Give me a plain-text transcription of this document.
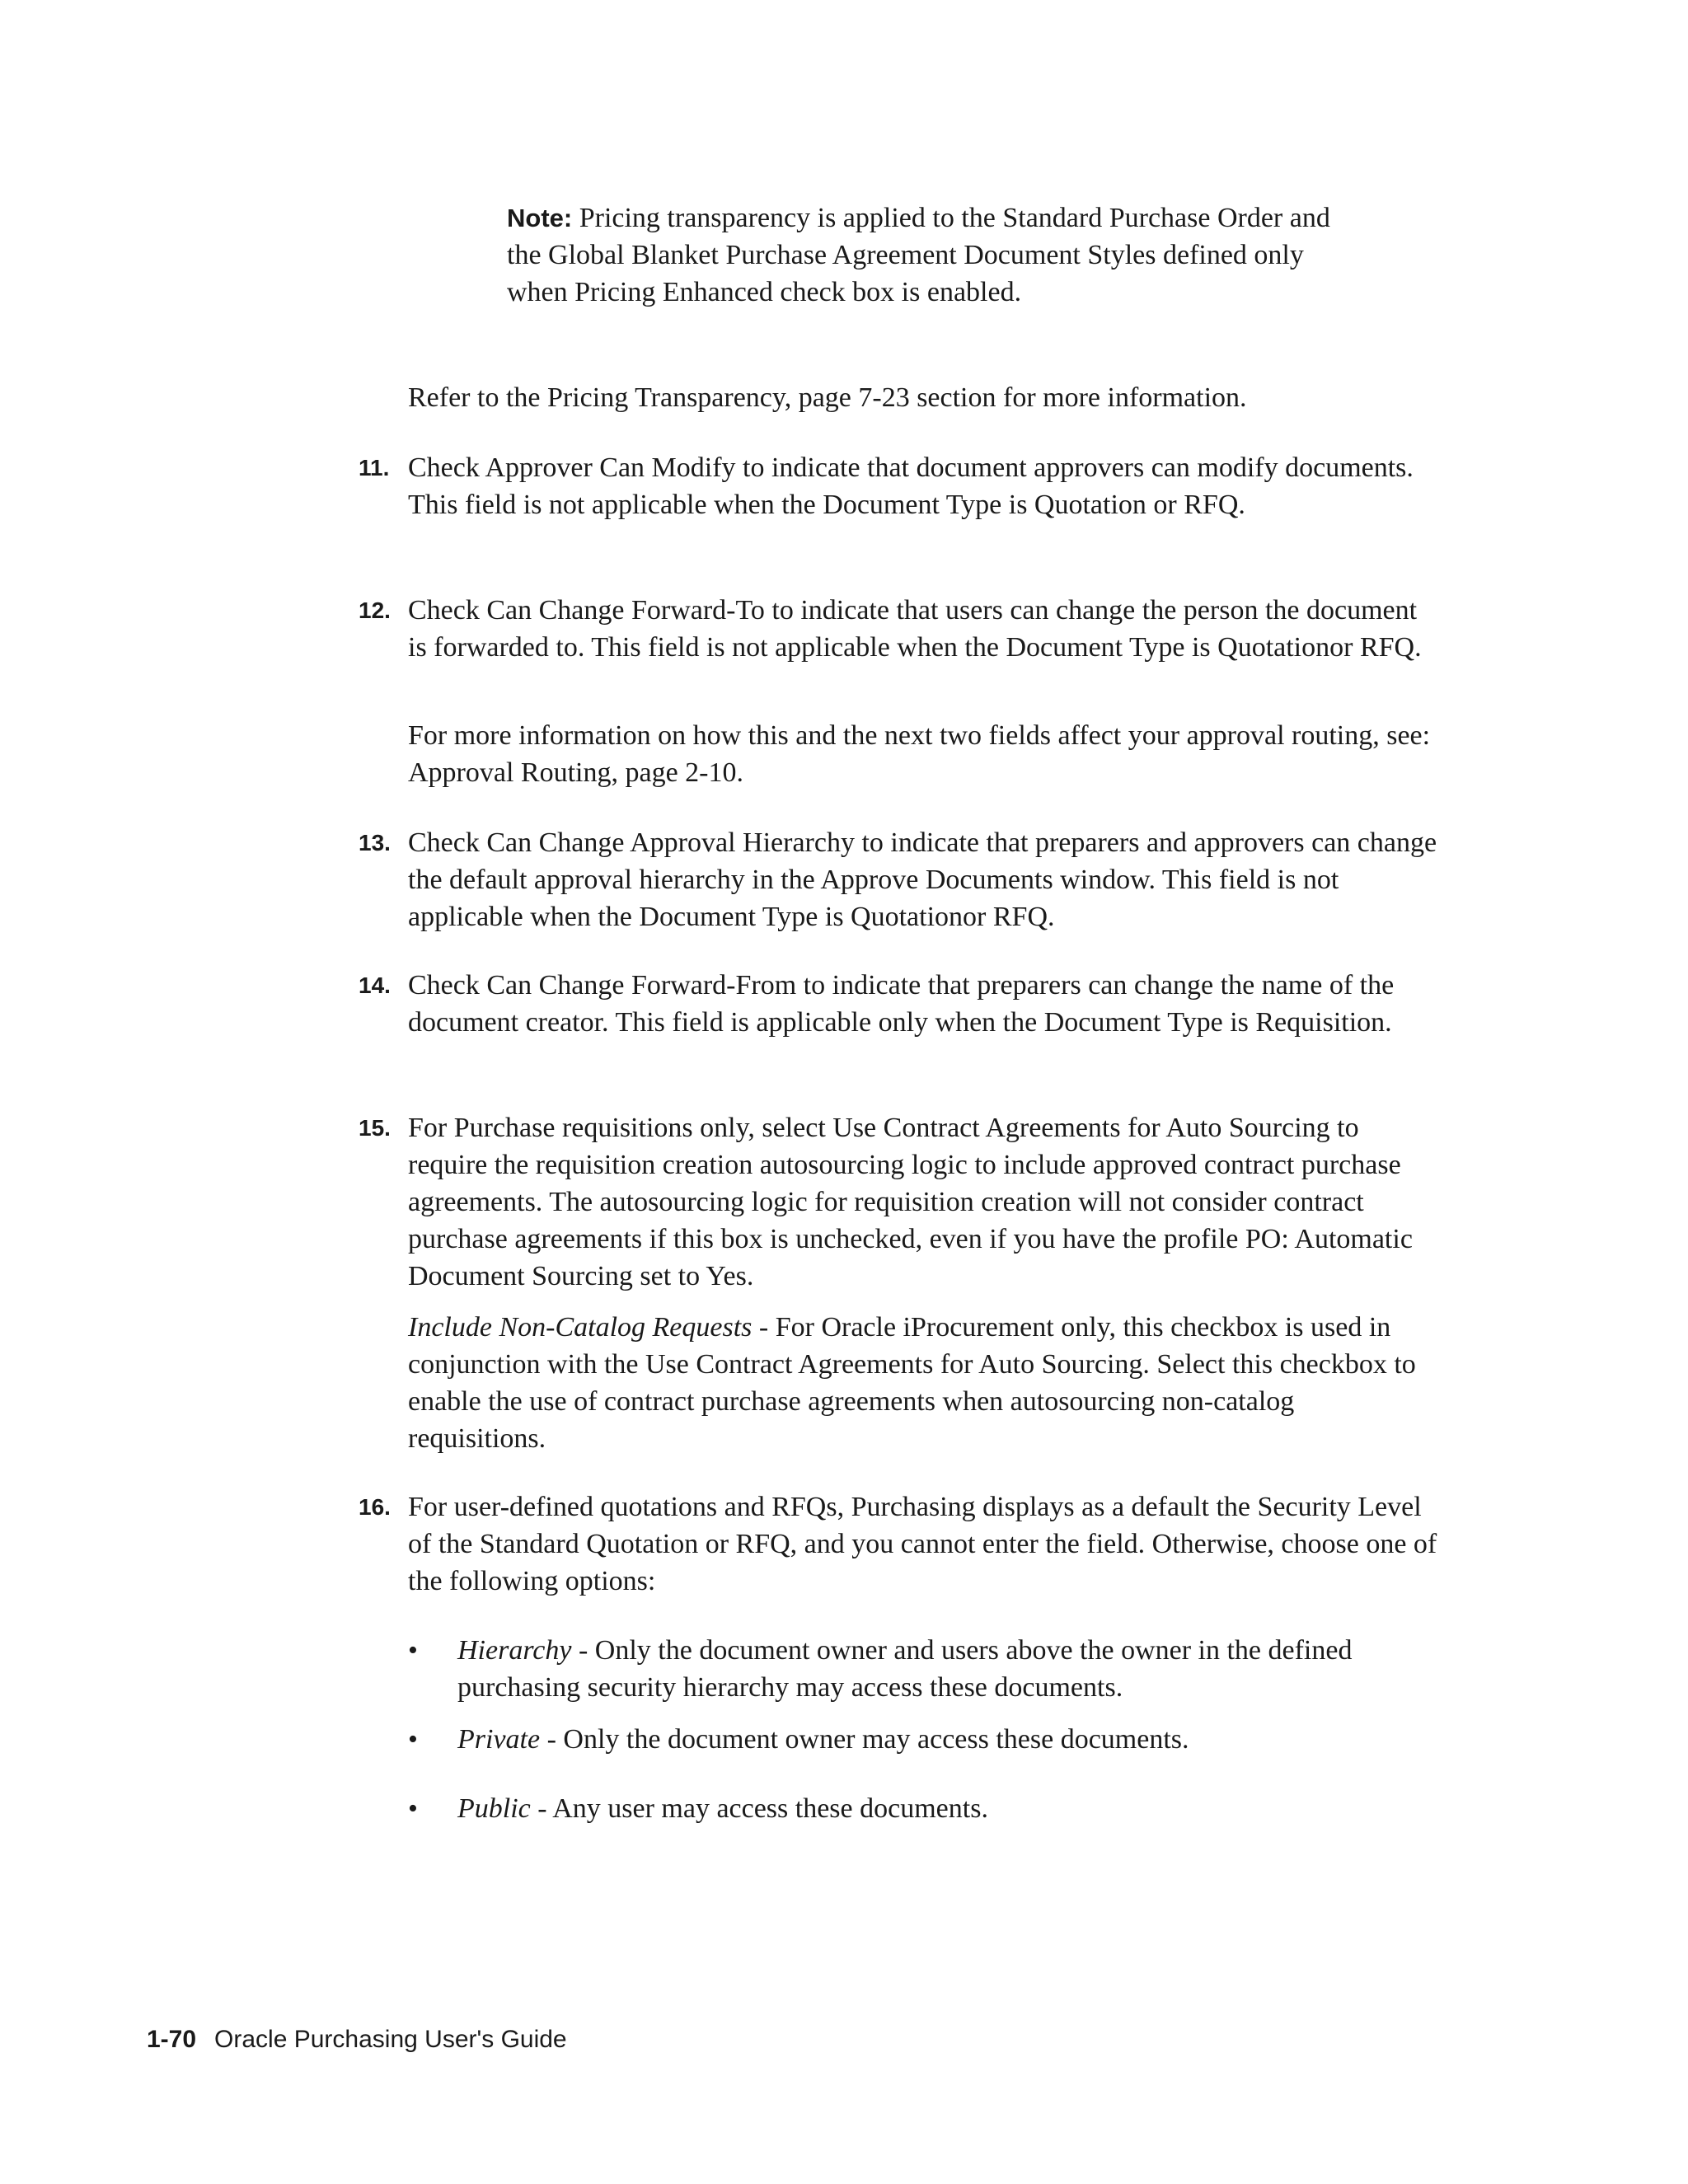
Note: Pricing transparency is applied to the Standard Purchase Order and the Global Blanket Purchase Agreement Document Styles defined only when Pricing Enhanced check box is enabled.

Refer to the Pricing Transparency, page 7-23 section for more information.

11. Check Approver Can Modify to indicate that document approvers can modify documents. This field is not applicable when the Document Type is Quotation or RFQ.

12. Check Can Change Forward-To to indicate that users can change the person the document is forwarded to. This field is not applicable when the Document Type is Quotationor RFQ.

For more information on how this and the next two fields affect your approval routing, see: Approval Routing, page 2-10.

13. Check Can Change Approval Hierarchy to indicate that preparers and approvers can change the default approval hierarchy in the Approve Documents window. This field is not applicable when the Document Type is Quotationor RFQ.

14. Check Can Change Forward-From to indicate that preparers can change the name of the document creator. This field is applicable only when the Document Type is Requisition.

15. For Purchase requisitions only, select Use Contract Agreements for Auto Sourcing to require the requisition creation autosourcing logic to include approved contract purchase agreements. The autosourcing logic for requisition creation will not consider contract purchase agreements if this box is unchecked, even if you have the profile PO: Automatic Document Sourcing set to Yes.

Include Non-Catalog Requests - For Oracle iProcurement only, this checkbox is used in conjunction with the Use Contract Agreements for Auto Sourcing. Select this checkbox to enable the use of contract purchase agreements when autosourcing non-catalog requisitions.

16. For user-defined quotations and RFQs, Purchasing displays as a default the Security Level of the Standard Quotation or RFQ, and you cannot enter the field. Otherwise, choose one of the following options:

• Hierarchy - Only the document owner and users above the owner in the defined purchasing security hierarchy may access these documents.

• Private - Only the document owner may access these documents.

• Public - Any user may access these documents.

1-70 Oracle Purchasing User's Guide
